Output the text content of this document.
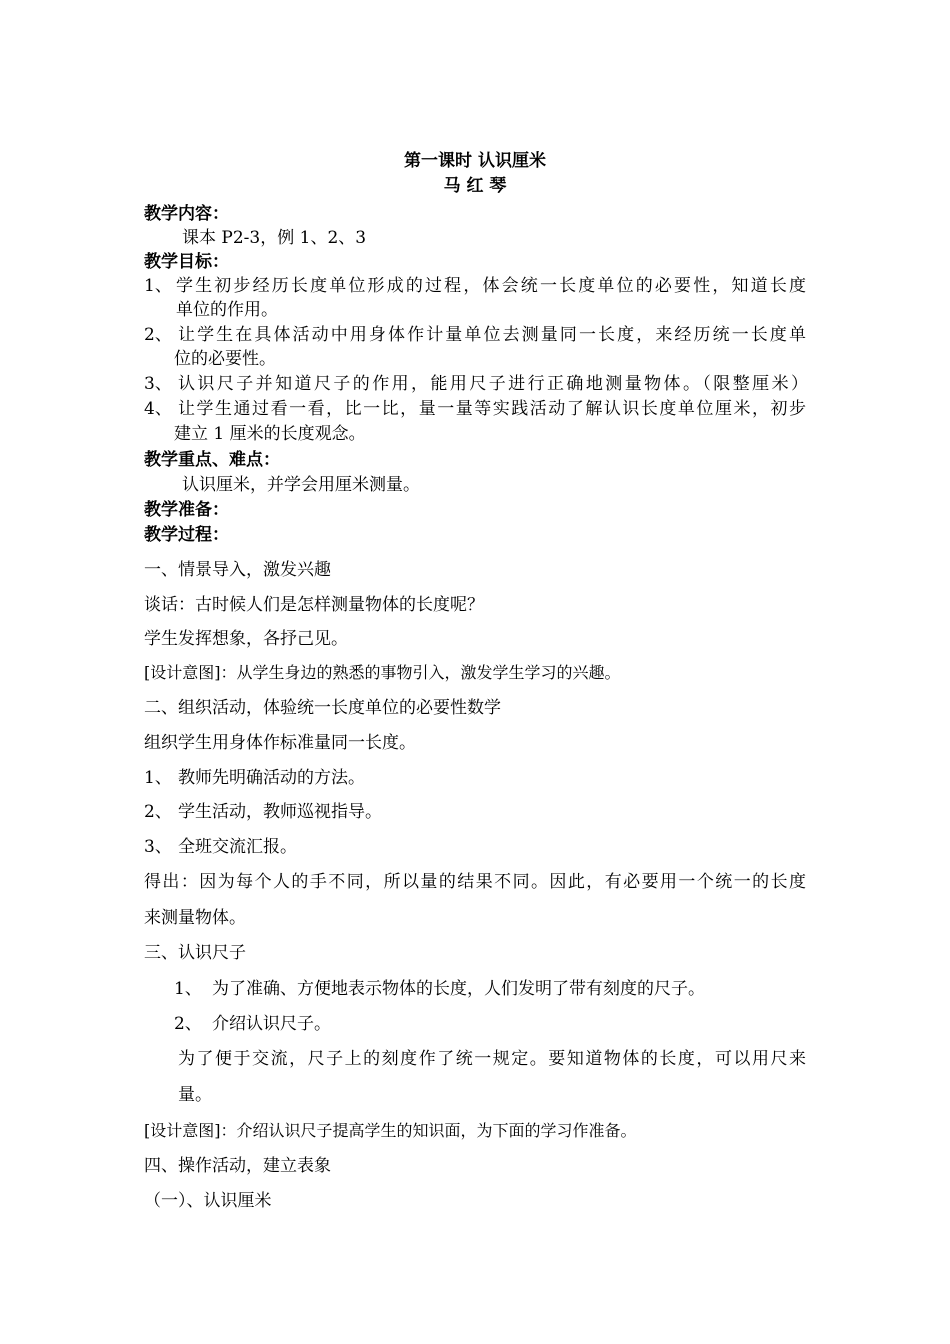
第一课时 认识厘米
马 红 琴
教学内容：
课本 P2-3，例 1、2、3
教学目标：
1、 学生初步经历长度单位形成的过程，体会统一长度单位的必要性，知道长度
单位的作用。
2、 让学生在具体活动中用身体作计量单位去测量同一长度，来经历统一长度单
位的必要性。
3、 认识尺子并知道尺子的作用，能用尺子进行正确地测量物体。（限整厘米）
4、 让学生通过看一看，比一比，量一量等实践活动了解认识长度单位厘米，初步
建立 1 厘米的长度观念。
教学重点、难点：
认识厘米，并学会用厘米测量。
教学准备：
教学过程：
一、情景导入，激发兴趣
谈话：古时候人们是怎样测量物体的长度呢？
学生发挥想象，各抒己见。
[设计意图]：从学生身边的熟悉的事物引入，激发学生学习的兴趣。
二、组织活动，体验统一长度单位的必要性数学
组织学生用身体作标准量同一长度。
1、 教师先明确活动的方法。
2、 学生活动，教师巡视指导。
3、 全班交流汇报。
得出：因为每个人的手不同，所以量的结果不同。因此，有必要用一个统一的长度
来测量物体。
三、认识尺子
1、 为了准确、方便地表示物体的长度，人们发明了带有刻度的尺子。
2、 介绍认识尺子。
为了便于交流，尺子上的刻度作了统一规定。要知道物体的长度，可以用尺来
量。
[设计意图]：介绍认识尺子提高学生的知识面，为下面的学习作准备。
四、操作活动，建立表象
（一）、认识厘米
